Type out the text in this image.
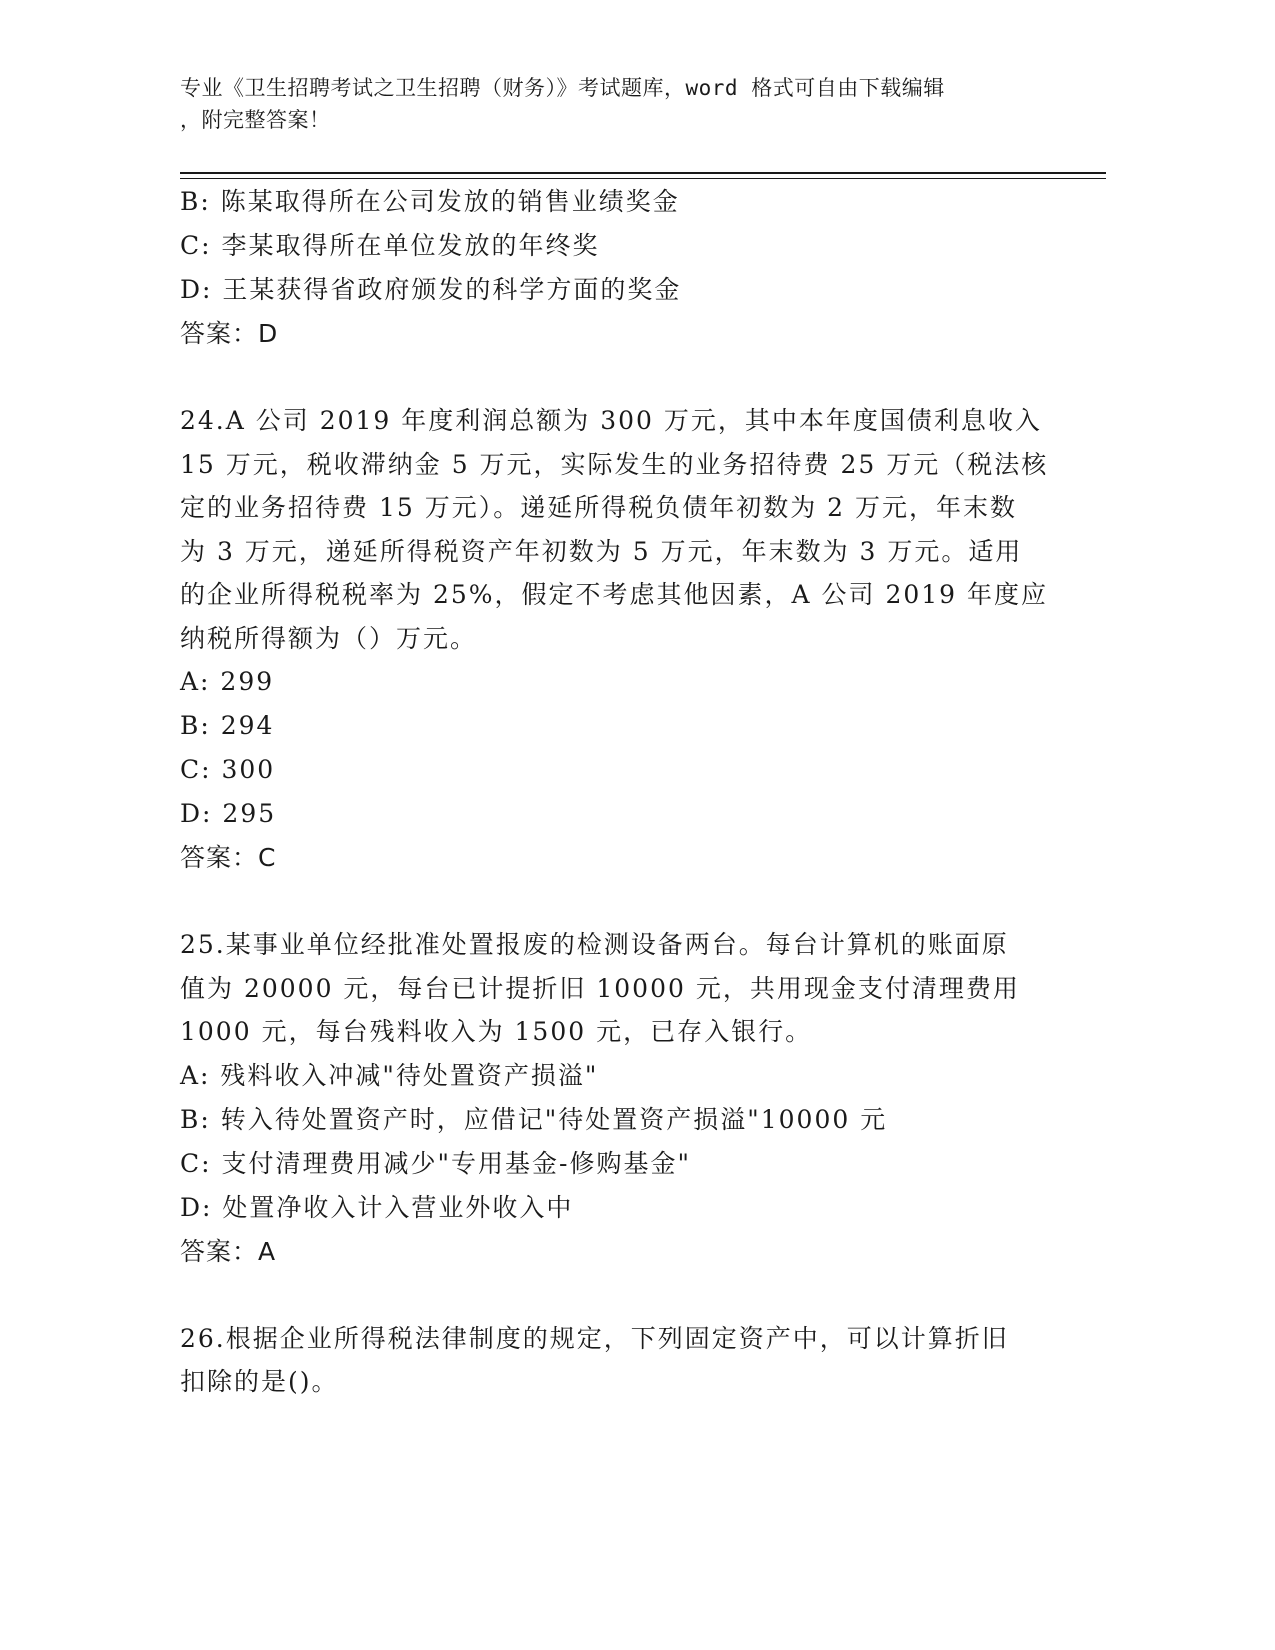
专业《卫生招聘考试之卫生招聘（财务）》考试题库，word 格式可自由下载编辑
，附完整答案！
B: 陈某取得所在公司发放的销售业绩奖金
C: 李某取得所在单位发放的年终奖
D: 王某获得省政府颁发的科学方面的奖金
答案：D
24.A 公司 2019 年度利润总额为 300 万元，其中本年度国债利息收入
15 万元，税收滞纳金 5 万元，实际发生的业务招待费 25 万元（税法核
定的业务招待费 15 万元）。递延所得税负债年初数为 2 万元，年末数
为 3 万元，递延所得税资产年初数为 5 万元，年末数为 3 万元。适用
的企业所得税税率为 25%，假定不考虑其他因素，A 公司 2019 年度应
纳税所得额为（）万元。
A: 299
B: 294
C: 300
D: 295
答案：C
25.某事业单位经批准处置报废的检测设备两台。每台计算机的账面原
值为 20000 元，每台已计提折旧 10000 元，共用现金支付清理费用
1000 元，每台残料收入为 1500 元，已存入银行。
A: 残料收入冲减"待处置资产损溢"
B: 转入待处置资产时，应借记"待处置资产损溢"10000 元
C: 支付清理费用减少"专用基金-修购基金"
D: 处置净收入计入营业外收入中
答案：A
26.根据企业所得税法律制度的规定，下列固定资产中，可以计算折旧
扣除的是()。
